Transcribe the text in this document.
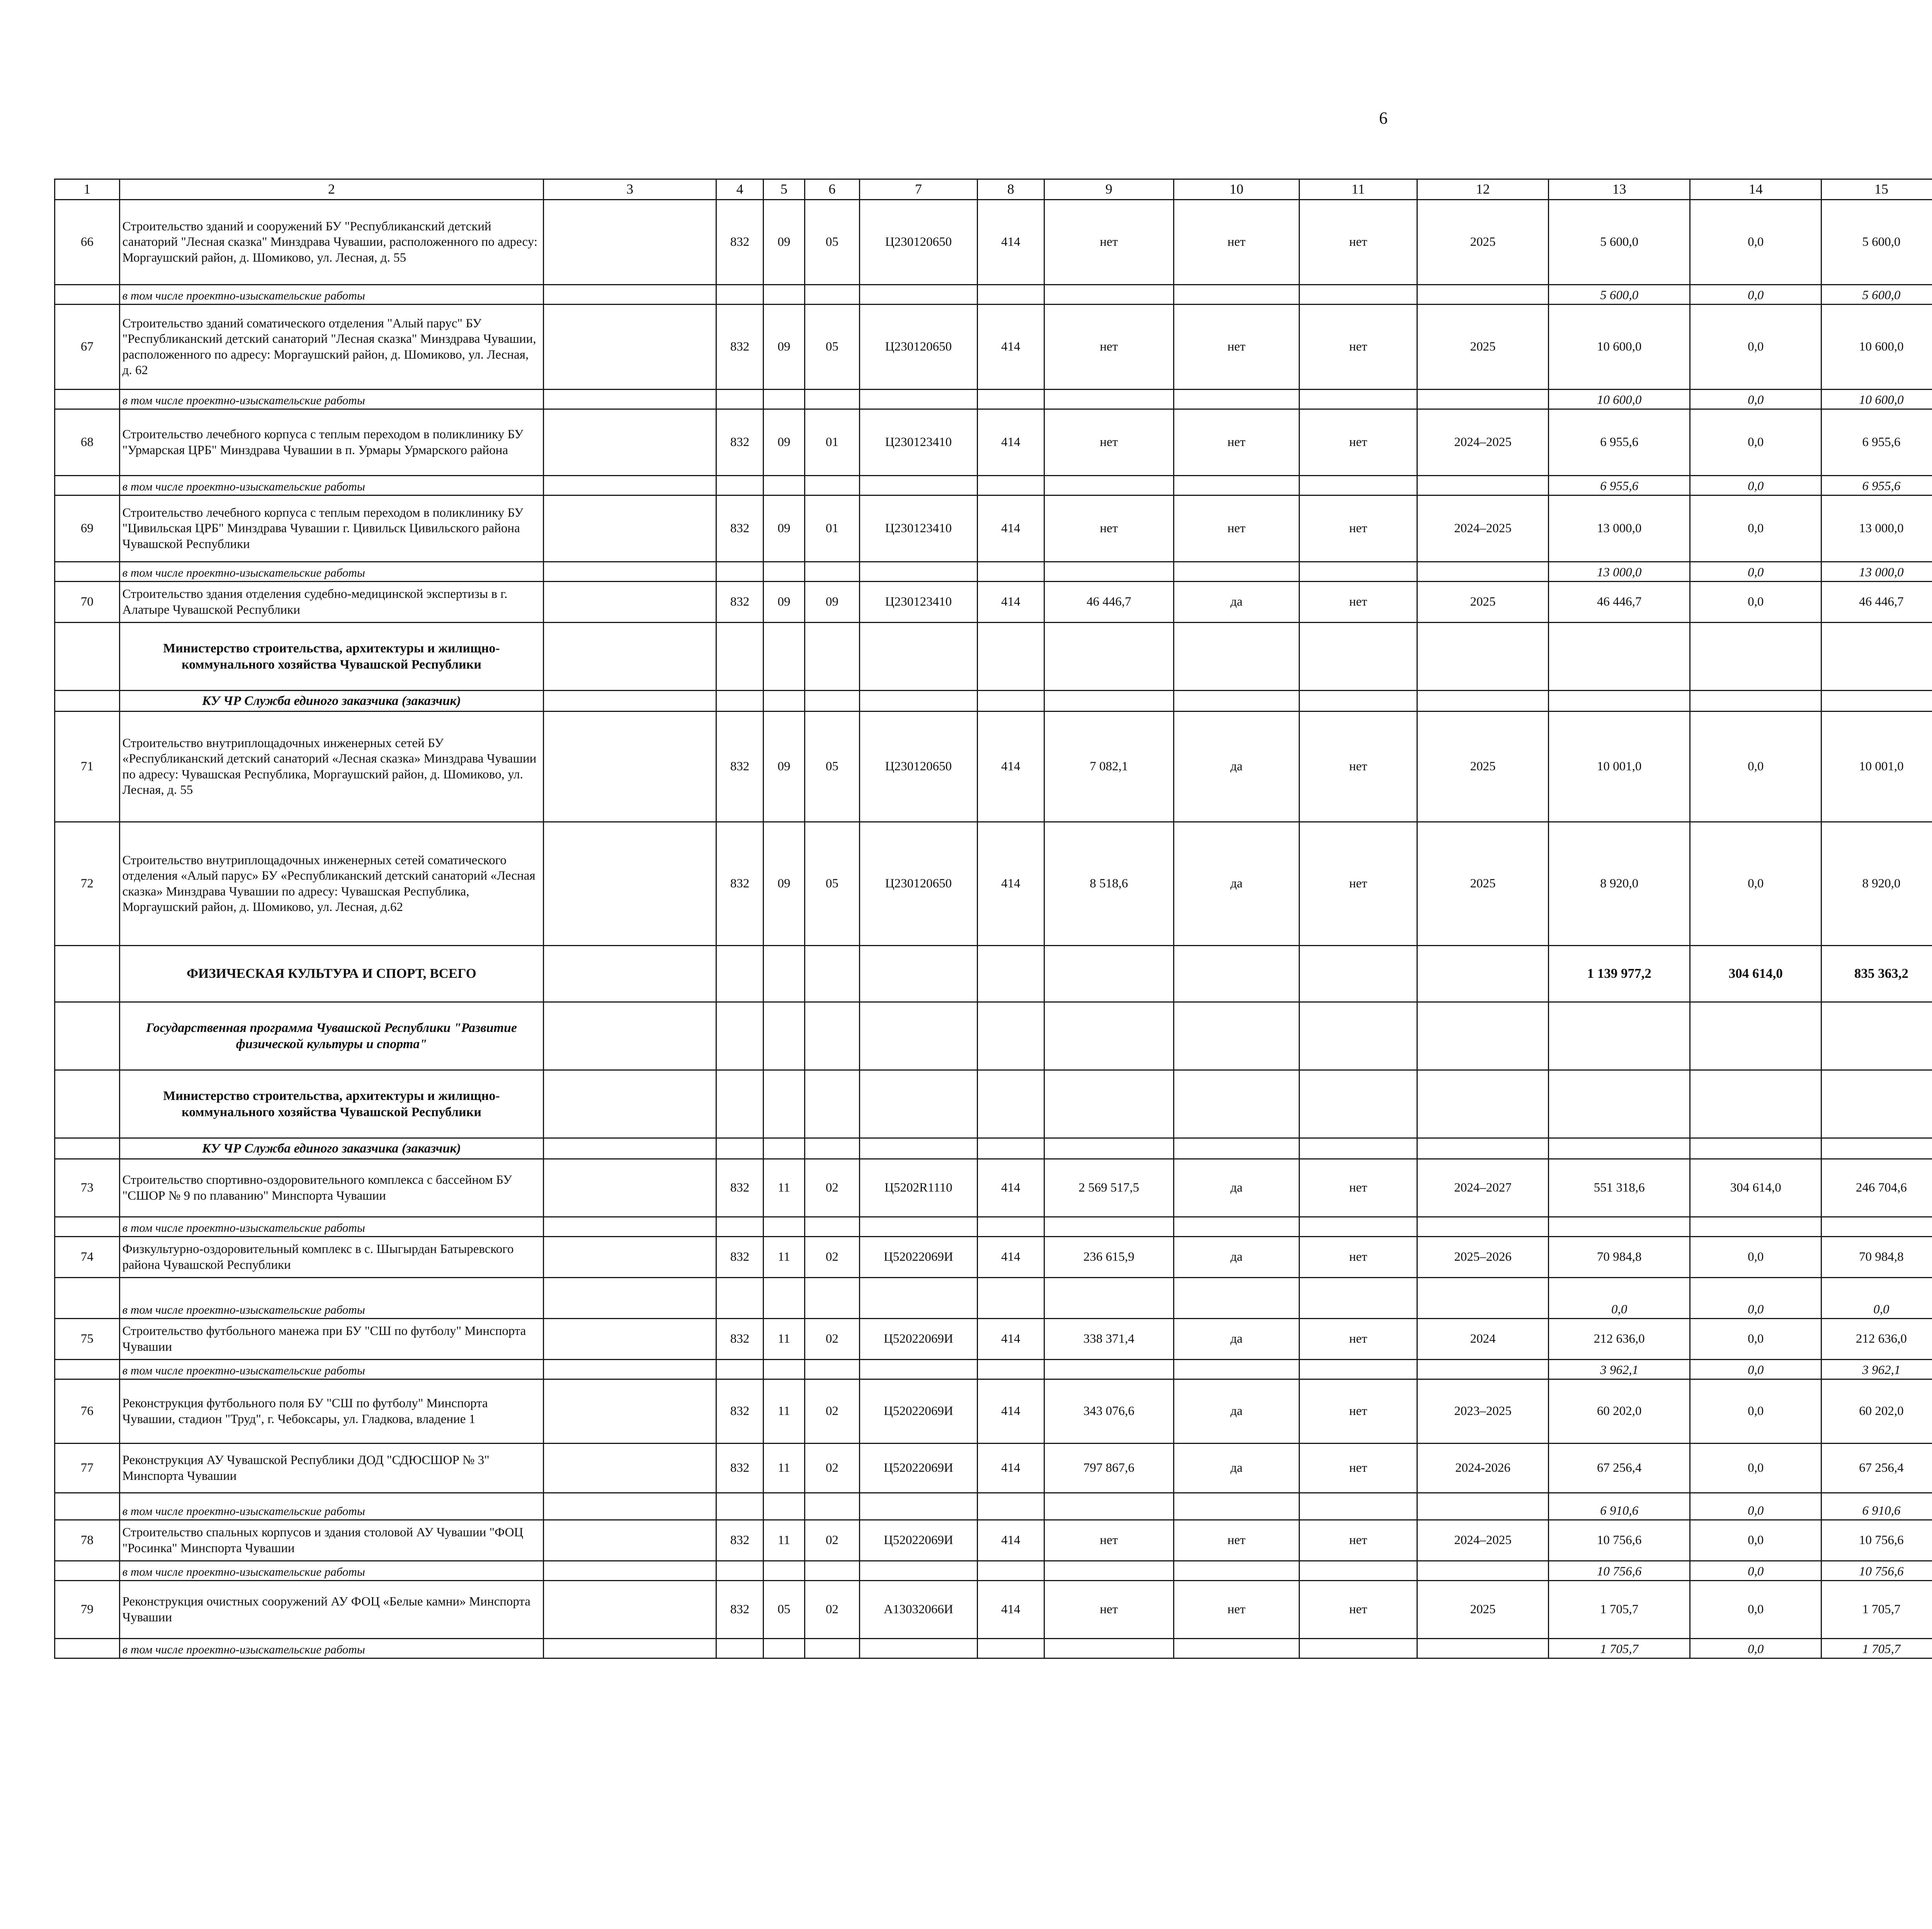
6
1	2	3	4	5	6	7	8	9	10	11	12	13	14	15						
66	Строительство зданий и сооружений БУ "Республиканский детский санаторий "Лесная сказка" Минздрава Чувашии, расположенного по адресу: Моргаушский район, д. Шомиково, ул. Лесная, д. 55		832	09	05	Ц230120650	414	нет	нет	нет	2025	5 600,0	0,0	5 600,0						
	в том числе проектно-изыскательские работы											5 600,0	0,0	5 600,0						
67	Строительство зданий соматического отделения "Алый парус" БУ "Республиканский детский санаторий "Лесная сказка" Минздрава Чувашии, расположенного по адресу: Моргаушский район, д. Шомиково, ул. Лесная, д. 62		832	09	05	Ц230120650	414	нет	нет	нет	2025	10 600,0	0,0	10 600,0						
	в том числе проектно-изыскательские работы											10 600,0	0,0	10 600,0						
68	Строительство лечебного корпуса с теплым переходом в поликлинику БУ "Урмарская ЦРБ" Минздрава Чувашии в п. Урмары Урмарского района		832	09	01	Ц230123410	414	нет	нет	нет	2024–2025	6 955,6	0,0	6 955,6						
	в том числе проектно-изыскательские работы											6 955,6	0,0	6 955,6						
69	Строительство лечебного корпуса с теплым переходом в поликлинику БУ "Цивильская ЦРБ" Минздрава Чувашии г. Цивильск Цивильского района Чувашской Республики		832	09	01	Ц230123410	414	нет	нет	нет	2024–2025	13 000,0	0,0	13 000,0						
	в том числе проектно-изыскательские работы											13 000,0	0,0	13 000,0						
70	Строительство здания отделения судебно-медицинской экспертизы в г. Алатыре Чувашской Республики		832	09	09	Ц230123410	414	46 446,7	да	нет	2025	46 446,7	0,0	46 446,7						
	Министерство строительства, архитектуры и жилищно-коммунального хозяйства Чувашской Республики																			
	КУ ЧР Служба единого заказчика (заказчик)																			
71	Строительство внутриплощадочных инженерных сетей БУ «Республиканский детский санаторий «Лесная сказка» Минздрава Чувашии по адресу: Чувашская Республика, Моргаушский район, д. Шомиково, ул. Лесная, д. 55		832	09	05	Ц230120650	414	7 082,1	да	нет	2025	10 001,0	0,0	10 001,0						
72	Строительство внутриплощадочных инженерных сетей соматического отделения «Алый парус» БУ «Республиканский детский санаторий «Лесная сказка» Минздрава Чувашии по адресу: Чувашская Республика, Моргаушский район, д. Шомиково, ул. Лесная, д.62		832	09	05	Ц230120650	414	8 518,6	да	нет	2025	8 920,0	0,0	8 920,0						
	ФИЗИЧЕСКАЯ КУЛЬТУРА И СПОРТ, ВСЕГО											1 139 977,2	304 614,0	835 363,2						
	Государственная программа Чувашской Республики "Развитие физической культуры и спорта"																			
	Министерство строительства, архитектуры и жилищно-коммунального хозяйства Чувашской Республики																			
	КУ ЧР Служба единого заказчика (заказчик)																			
73	Строительство спортивно-оздоровительного комплекса с бассейном БУ "СШОР № 9 по плаванию" Минспорта Чувашии		832	11	02	Ц5202R1110	414	2 569 517,5	да	нет	2024–2027	551 318,6	304 614,0	246 704,6						
	в том числе проектно-изыскательские работы																			
74	Физкультурно-оздоровительный комплекс в с. Шыгырдан Батыревского района Чувашской Республики		832	11	02	Ц52022069И	414	236 615,9	да	нет	2025–2026	70 984,8	0,0	70 984,8						
	в том числе проектно-изыскательские работы											0,0	0,0	0,0						
75	Строительство футбольного манежа при БУ "СШ по футболу" Минспорта Чувашии		832	11	02	Ц52022069И	414	338 371,4	да	нет	2024	212 636,0	0,0	212 636,0						
	в том числе проектно-изыскательские работы											3 962,1	0,0	3 962,1						
76	Реконструкция футбольного поля БУ "СШ по футболу" Минспорта Чувашии, стадион "Труд", г. Чебоксары, ул. Гладкова, владение 1		832	11	02	Ц52022069И	414	343 076,6	да	нет	2023–2025	60 202,0	0,0	60 202,0						
77	Реконструкция АУ Чувашской Республики ДОД "СДЮСШОР № 3" Минспорта Чувашии		832	11	02	Ц52022069И	414	797 867,6	да	нет	2024-2026	67 256,4	0,0	67 256,4						
	в том числе проектно-изыскательские работы											6 910,6	0,0	6 910,6						
78	Строительство спальных корпусов и здания столовой АУ Чувашии "ФОЦ "Росинка" Минспорта Чувашии		832	11	02	Ц52022069И	414	нет	нет	нет	2024–2025	10 756,6	0,0	10 756,6						
	в том числе проектно-изыскательские работы											10 756,6	0,0	10 756,6						
79	Реконструкция очистных сооружений АУ ФОЦ «Белые камни» Минспорта Чувашии		832	05	02	А13032066И	414	нет	нет	нет	2025	1 705,7	0,0	1 705,7						
	в том числе проектно-изыскательские работы											1 705,7	0,0	1 705,7						
